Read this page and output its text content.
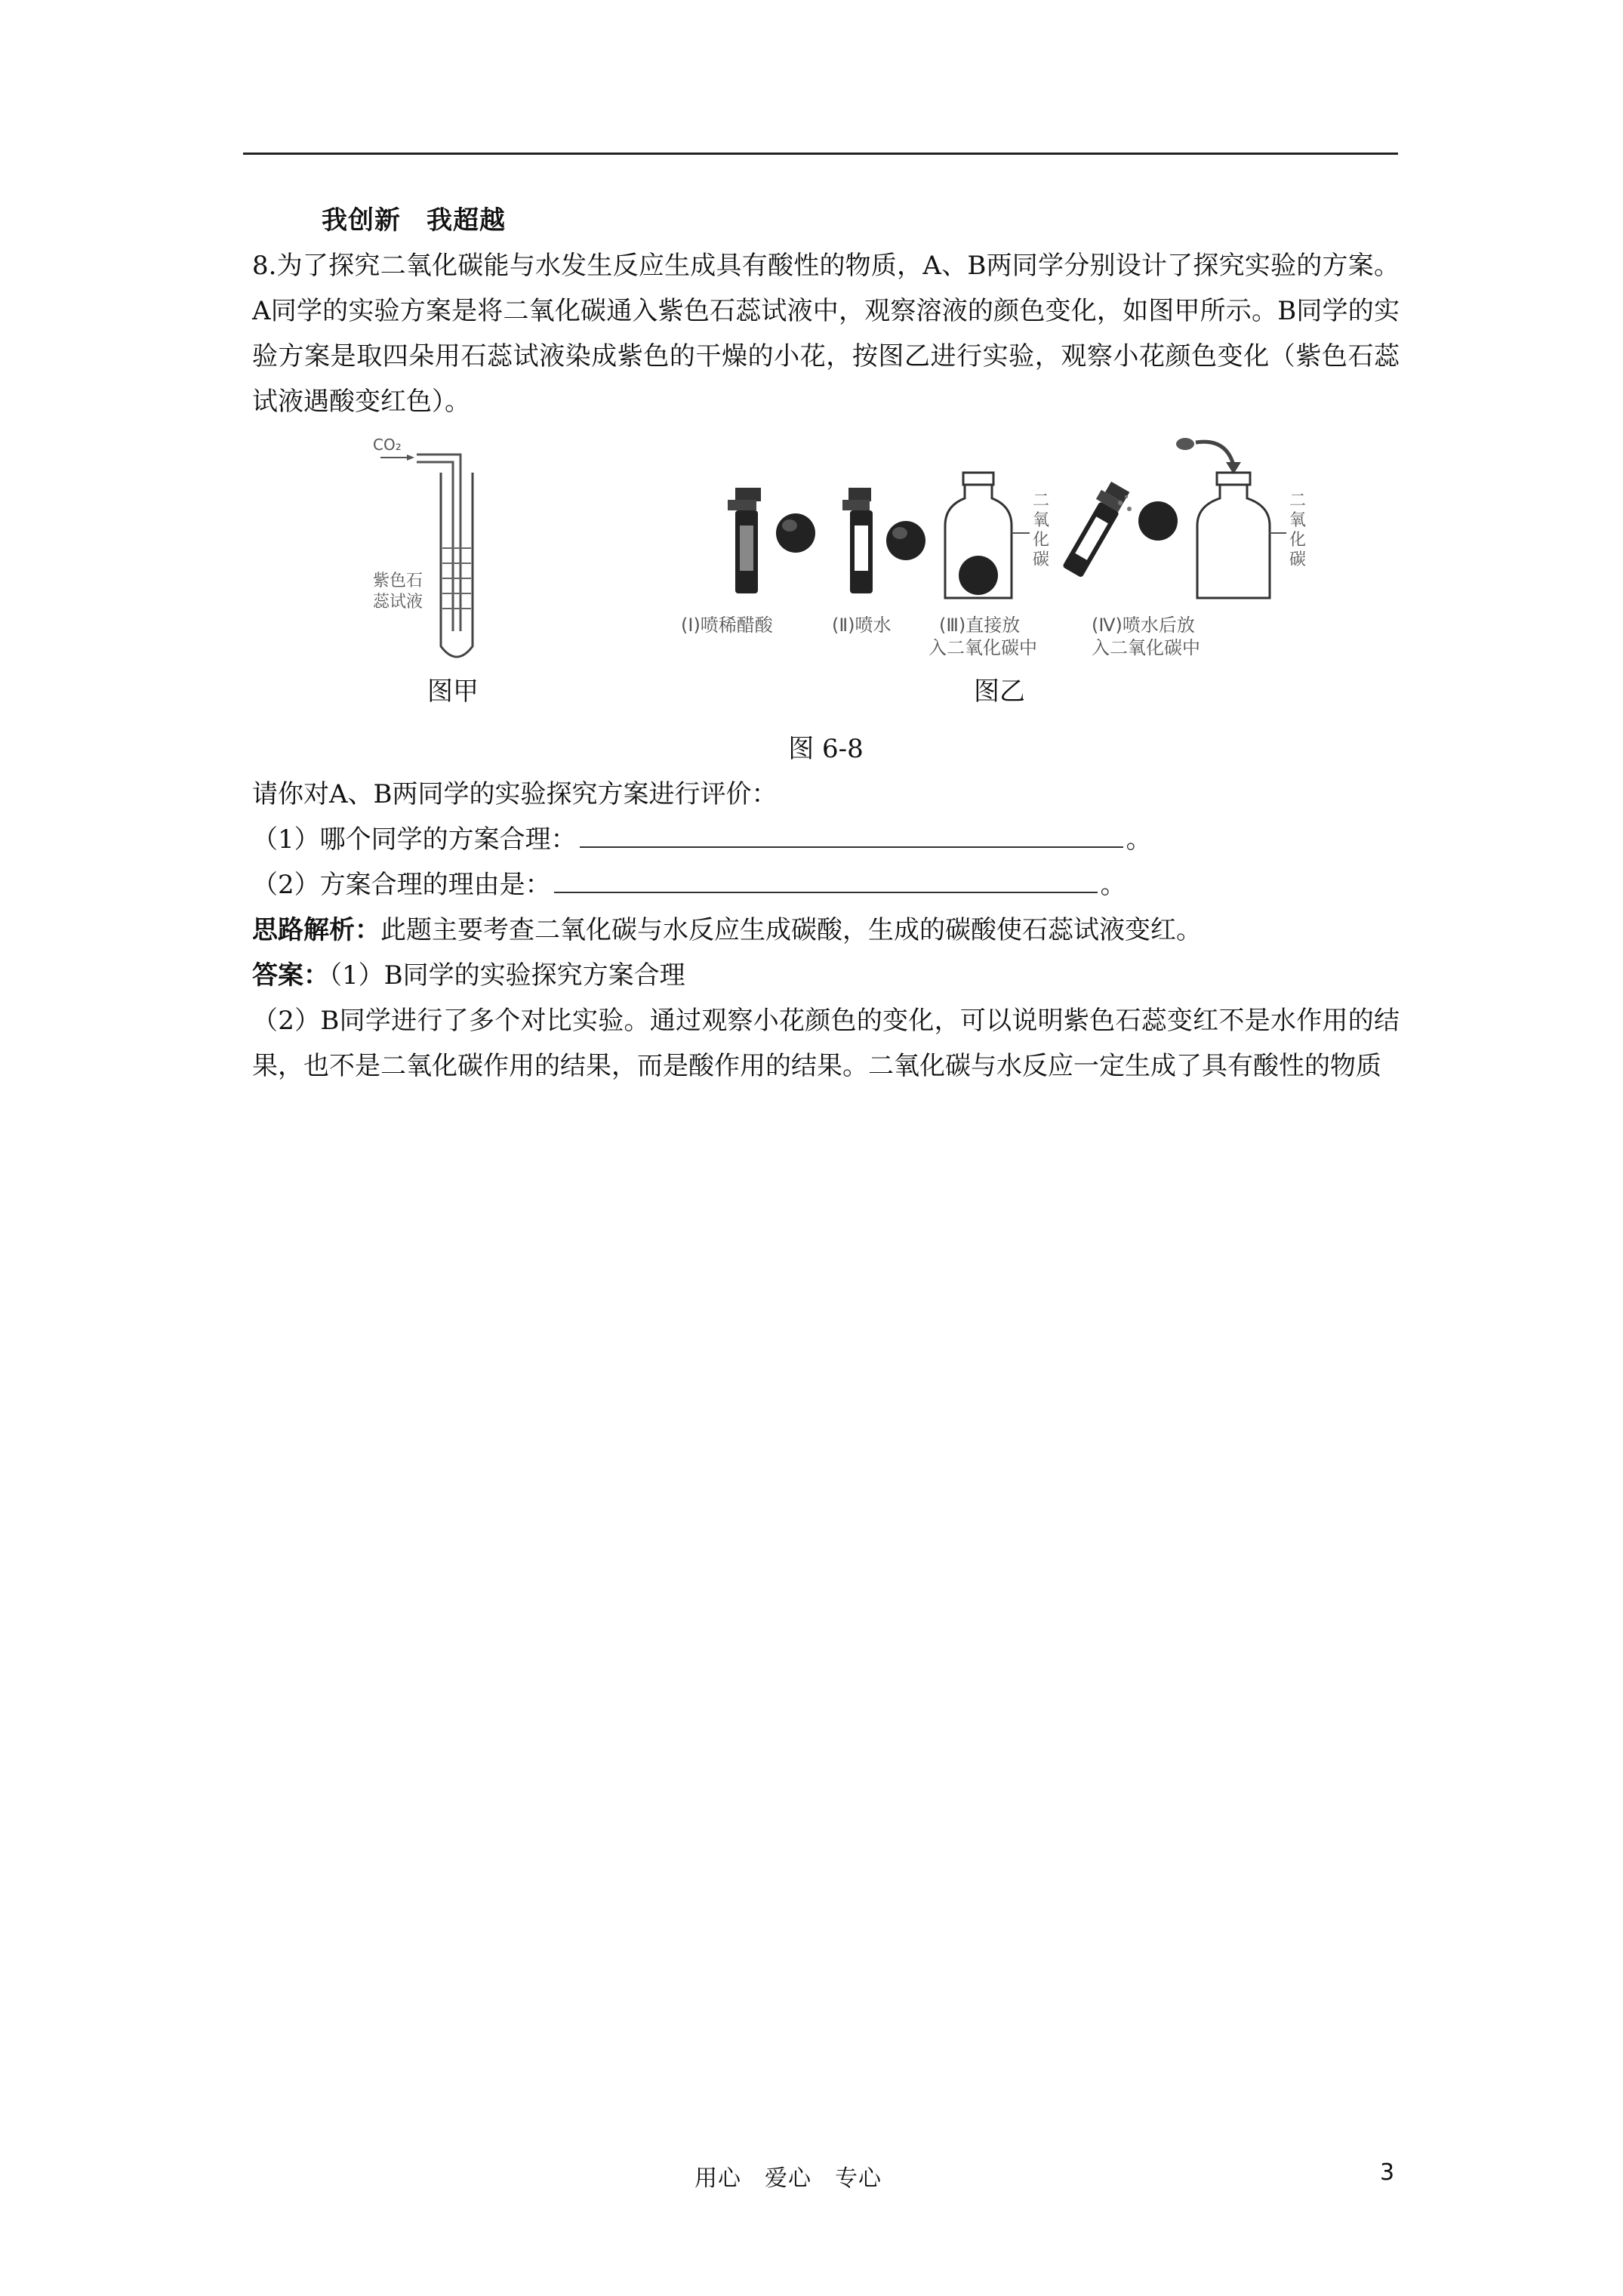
我创新 我超越
8.为了探究二氧化碳能与水发生反应生成具有酸性的物质，A、B两同学分别设计了探究实验的方案。A同学的实验方案是将二氧化碳通入紫色石蕊试液中，观察溶液的颜色变化，如图甲所示。B同学的实验方案是取四朵用石蕊试液染成紫色的干燥的小花，按图乙进行实验，观察小花颜色变化（紫色石蕊试液遇酸变红色）。
CO₂
紫色石
蕊试液
(Ⅰ)喷稀醋酸	(Ⅱ)喷水
二
氧
化
碳
(Ⅲ)直接放
入二氧化碳中
二
氧
化
碳
(Ⅳ)喷水后放
入二氧化碳中
图甲	图乙
图 6-8
请你对A、B两同学的实验探究方案进行评价：
（1）哪个同学的方案合理：	。
（2）方案合理的理由是：	。
思路解析：此题主要考查二氧化碳与水反应生成碳酸，生成的碳酸使石蕊试液变红。
答案：（1）B同学的实验探究方案合理
（2）B同学进行了多个对比实验。通过观察小花颜色的变化，可以说明紫色石蕊变红不是水作用的结果，也不是二氧化碳作用的结果，而是酸作用的结果。二氧化碳与水反应一定生成了具有酸性的物质
用心　爱心　专心	3
